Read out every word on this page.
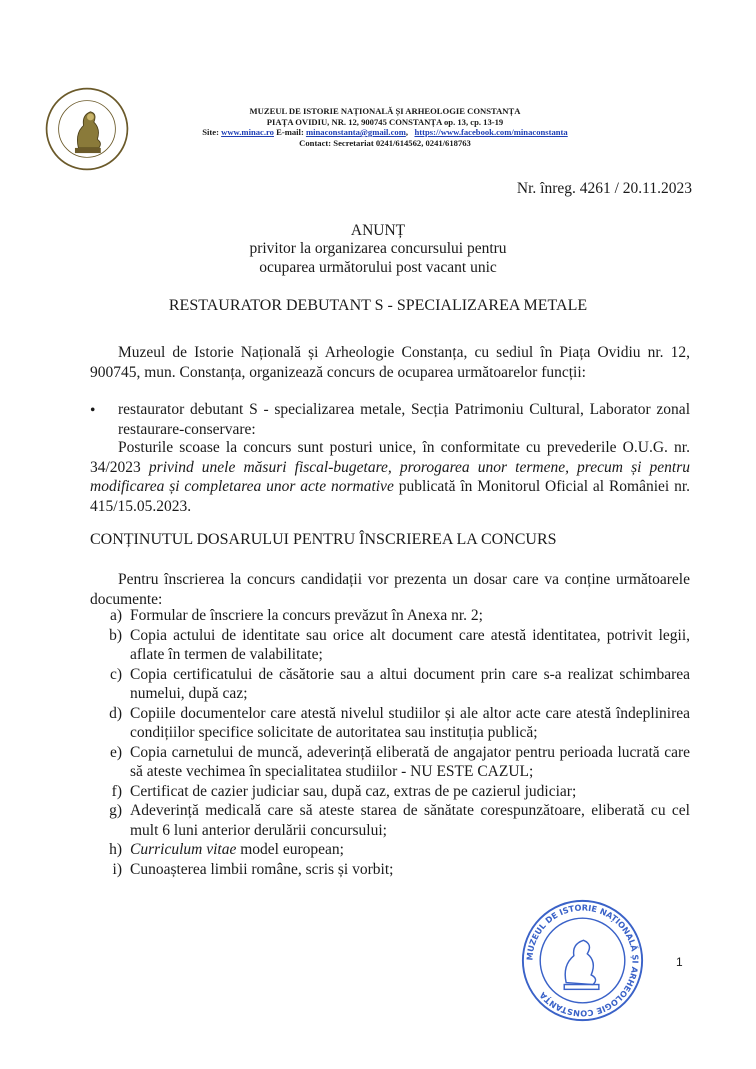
MUZEUL DE ISTORIE NAȚIONALĂ ȘI ARHEOLOGIE CONSTANȚA
PIAȚA OVIDIU, NR. 12, 900745 CONSTANȚA op. 13, cp. 13-19
Site: www.minac.ro E-mail: minaconstanta@gmail.com,   https://www.facebook.com/minaconstanta
Contact: Secretariat 0241/614562, 0241/618763
Nr. înreg. 4261 / 20.11.2023
ANUNȚ
privitor la organizarea concursului pentru
ocuparea următorului post vacant unic
RESTAURATOR DEBUTANT S - SPECIALIZAREA METALE
Muzeul de Istorie Națională și Arheologie Constanța, cu sediul în Piața Ovidiu nr. 12, 900745, mun. Constanța, organizează concurs de ocuparea următoarelor funcții:
• restaurator debutant S - specializarea metale, Secția Patrimoniu Cultural, Laborator zonal restaurare-conservare:
Posturile scoase la concurs sunt posturi unice, în conformitate cu prevederile O.U.G. nr. 34/2023 privind unele măsuri fiscal-bugetare, prorogarea unor termene, precum și pentru modificarea și completarea unor acte normative publicată în Monitorul Oficial al României nr. 415/15.05.2023.
CONȚINUTUL DOSARULUI PENTRU ÎNSCRIEREA LA CONCURS
Pentru înscrierea la concurs candidații vor prezenta un dosar care va conține următoarele documente:
a) Formular de înscriere la concurs prevăzut în Anexa nr. 2;
b) Copia actului de identitate sau orice alt document care atestă identitatea, potrivit legii, aflate în termen de valabilitate;
c) Copia certificatului de căsătorie sau a altui document prin care s-a realizat schimbarea numelui, după caz;
d) Copiile documentelor care atestă nivelul studiilor și ale altor acte care atestă îndeplinirea condițiilor specifice solicitate de autoritatea sau instituția publică;
e) Copia carnetului de muncă, adeverință eliberată de angajator pentru perioada lucrată care să ateste vechimea în specialitatea studiilor - NU ESTE CAZUL;
f) Certificat de cazier judiciar sau, după caz, extras de pe cazierul judiciar;
g) Adeverință medicală care să ateste starea de sănătate corespunzătoare, eliberată cu cel mult 6 luni anterior derulării concursului;
h) Curriculum vitae model european;
i) Cunoașterea limbii române, scris și vorbit;
MUZEUL DE ISTORIE NAȚIONALĂ ȘI ARHEOLOGIE CONSTANȚA
1
